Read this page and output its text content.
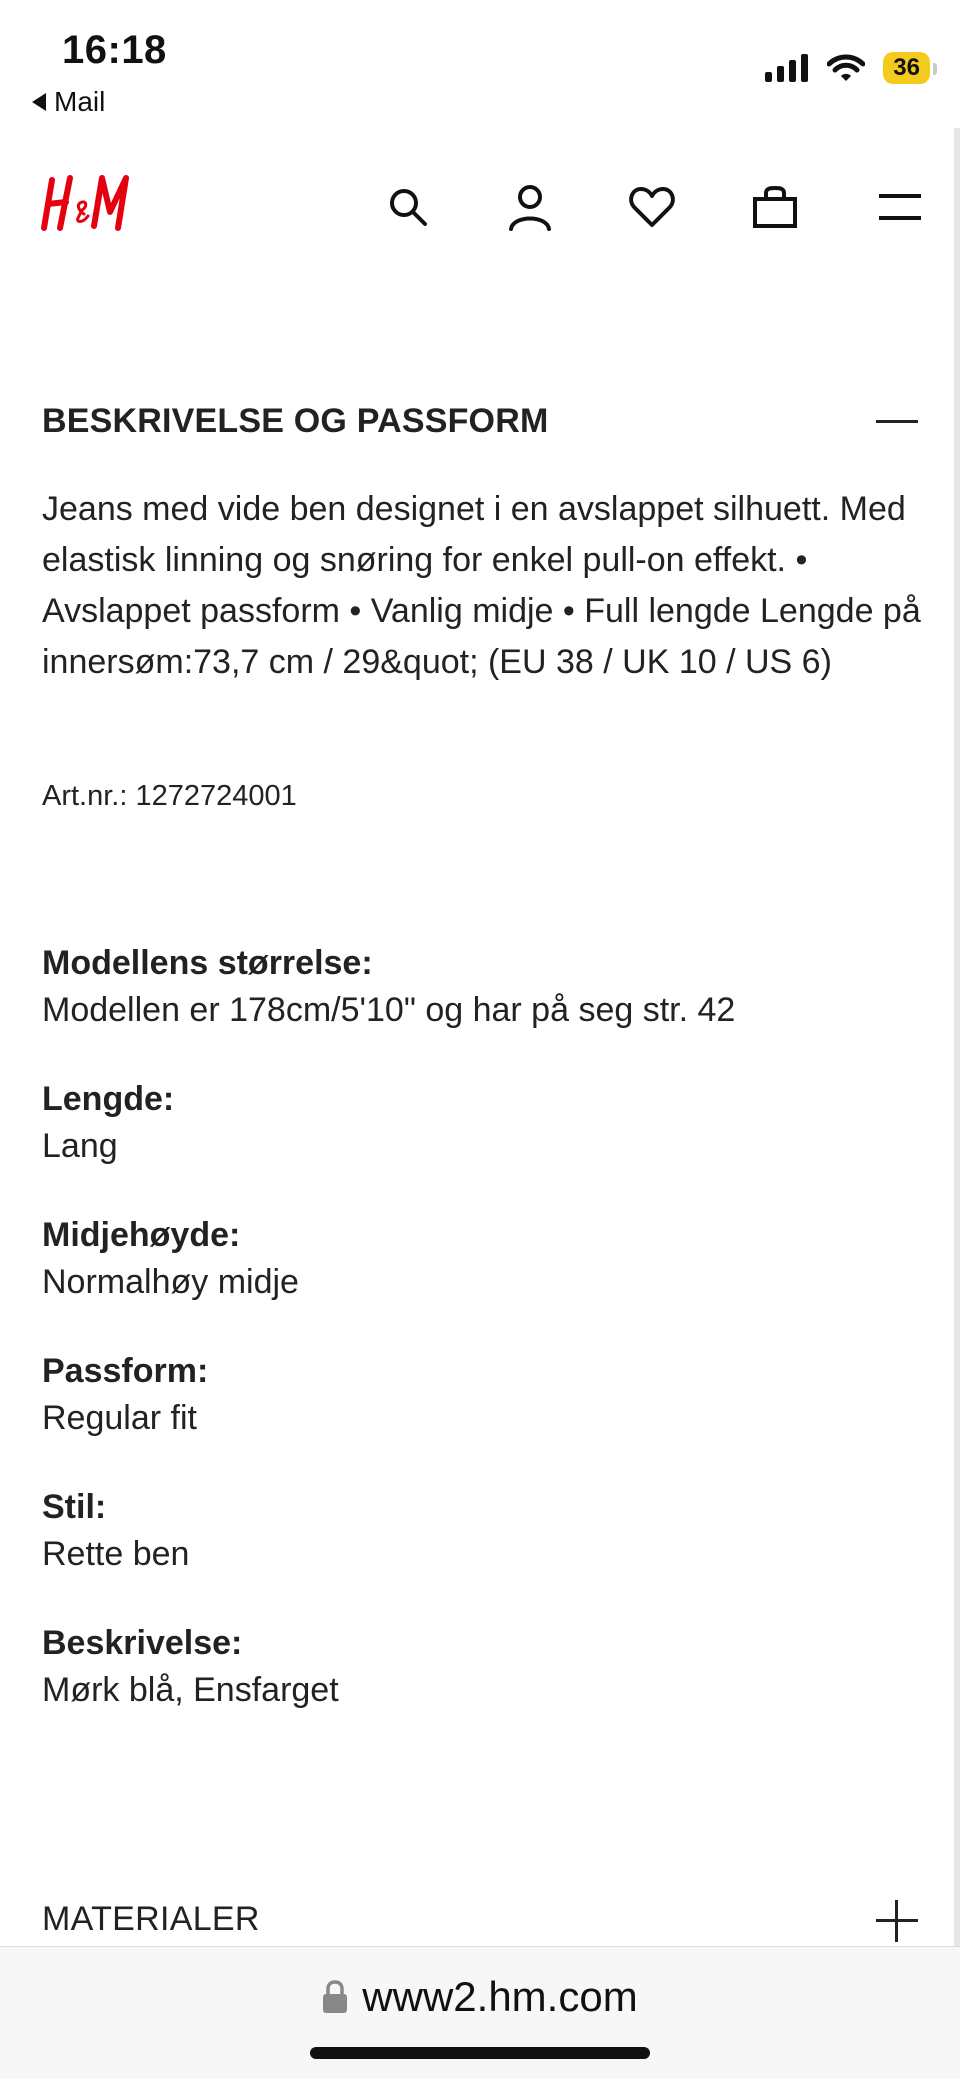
16:18
Mail
36
BESKRIVELSE OG PASSFORM

Jeans med vide ben designet i en avslappet silhuett. Med elastisk linning og snøring for enkel pull-on effekt. • Avslappet passform • Vanlig midje • Full lengde Lengde på innersøm:73,7 cm / 29&quot; (EU 38 / UK 10 / US 6)

Art.nr.: 1272724001
Modellens størrelse:
Modellen er 178cm/5'10" og har på seg str. 42
Lengde:
Lang
Midjehøyde:
Normalhøy midje
Passform:
Regular fit
Stil:
Rette ben
Beskrivelse:
Mørk blå, Ensfarget
MATERIALER
www2.hm.com
